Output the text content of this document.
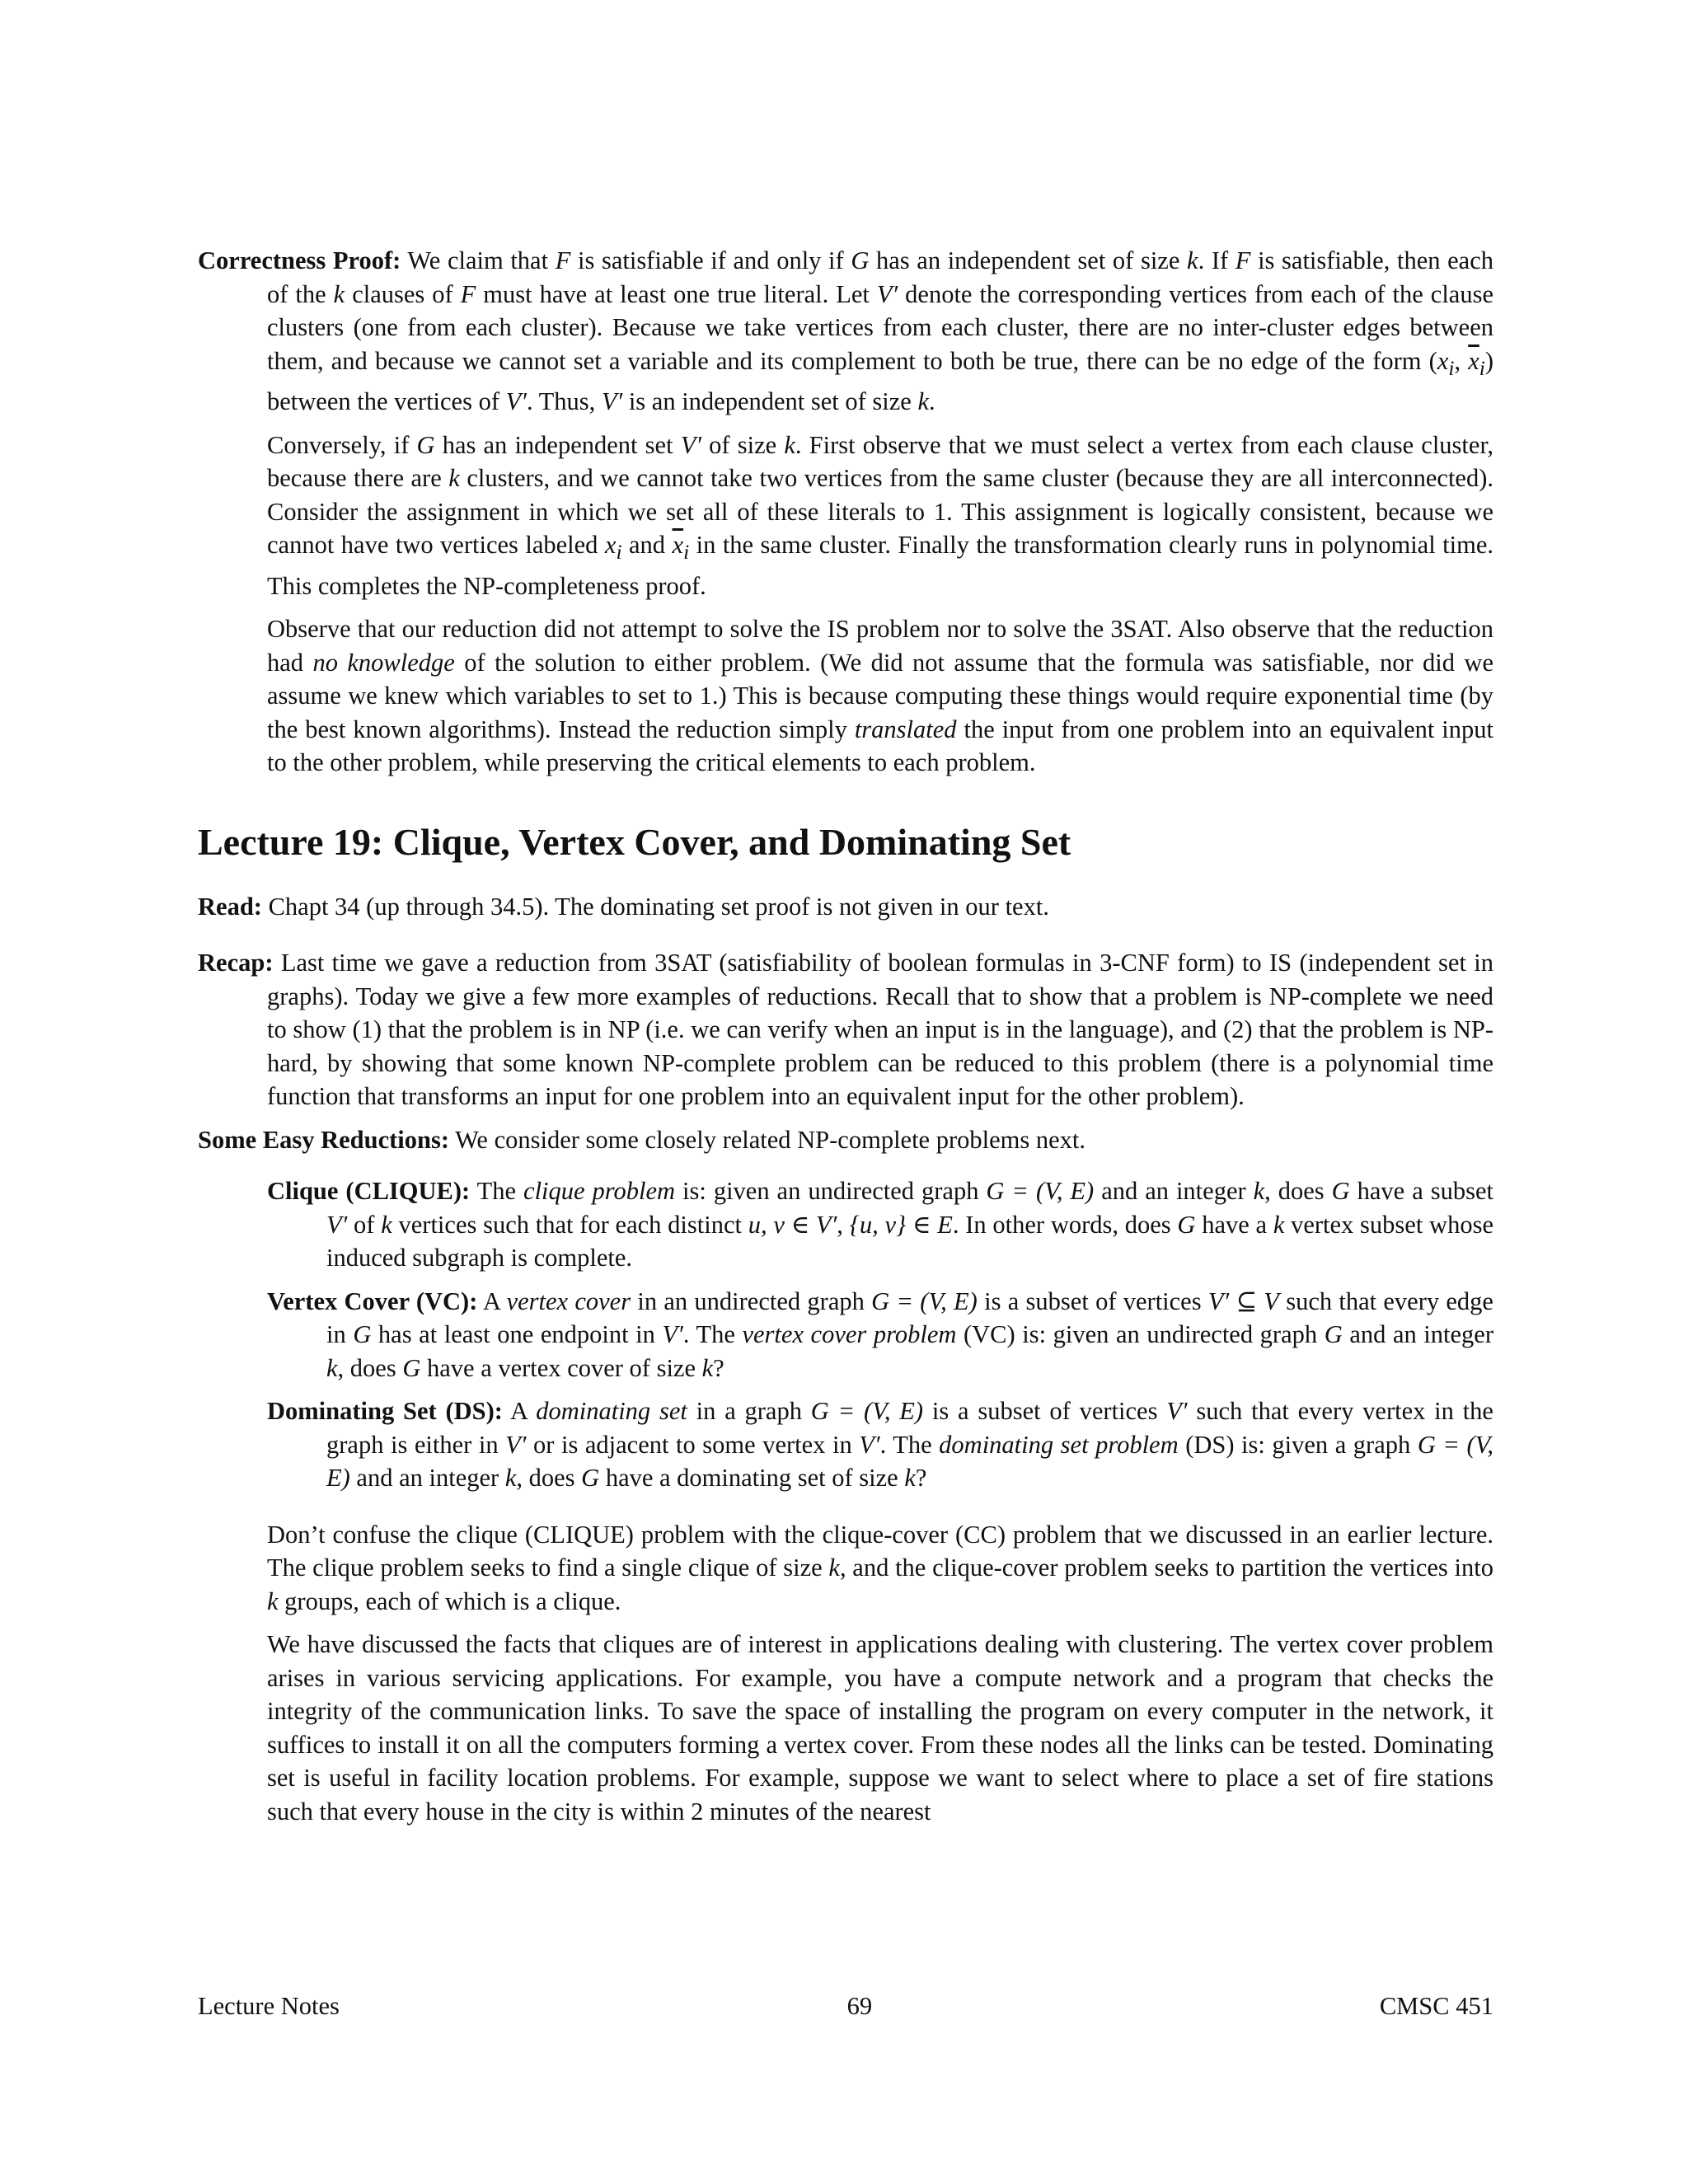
Correctness Proof: We claim that F is satisfiable if and only if G has an independent set of size k. If F is satisfiable, then each of the k clauses of F must have at least one true literal. Let V′ denote the corresponding vertices from each of the clause clusters (one from each cluster). Because we take vertices from each cluster, there are no inter-cluster edges between them, and because we cannot set a variable and its complement to both be true, there can be no edge of the form ($x_i$, $\overline{x}_i$) between the vertices of V′. Thus, V′ is an independent set of size k.

Conversely, if G has an independent set V′ of size k. First observe that we must select a vertex from each clause cluster, because there are k clusters, and we cannot take two vertices from the same cluster (because they are all interconnected). Consider the assignment in which we set all of these literals to 1. This assignment is logically consistent, because we cannot have two vertices labeled $x_i$ and $\overline{x}_i$ in the same cluster. Finally the transformation clearly runs in polynomial time. This completes the NP-completeness proof.

Observe that our reduction did not attempt to solve the IS problem nor to solve the 3SAT. Also observe that the reduction had no knowledge of the solution to either problem. (We did not assume that the formula was satisfiable, nor did we assume we knew which variables to set to 1.) This is because computing these things would require exponential time (by the best known algorithms). Instead the reduction simply translated the input from one problem into an equivalent input to the other problem, while preserving the critical elements to each problem.

Lecture 19: Clique, Vertex Cover, and Dominating Set

Read: Chapt 34 (up through 34.5). The dominating set proof is not given in our text.

Recap: Last time we gave a reduction from 3SAT (satisfiability of boolean formulas in 3-CNF form) to IS (independent set in graphs). Today we give a few more examples of reductions. Recall that to show that a problem is NP-complete we need to show (1) that the problem is in NP (i.e. we can verify when an input is in the language), and (2) that the problem is NP-hard, by showing that some known NP-complete problem can be reduced to this problem (there is a polynomial time function that transforms an input for one problem into an equivalent input for the other problem).

Some Easy Reductions: We consider some closely related NP-complete problems next.

Clique (CLIQUE): The clique problem is: given an undirected graph G = (V, E) and an integer k, does G have a subset V′ of k vertices such that for each distinct u, v ∈ V′, {u, v} ∈ E. In other words, does G have a k vertex subset whose induced subgraph is complete.

Vertex Cover (VC): A vertex cover in an undirected graph G = (V, E) is a subset of vertices V′ ⊆ V such that every edge in G has at least one endpoint in V′. The vertex cover problem (VC) is: given an undirected graph G and an integer k, does G have a vertex cover of size k?

Dominating Set (DS): A dominating set in a graph G = (V, E) is a subset of vertices V′ such that every vertex in the graph is either in V′ or is adjacent to some vertex in V′. The dominating set problem (DS) is: given a graph G = (V, E) and an integer k, does G have a dominating set of size k?

Don’t confuse the clique (CLIQUE) problem with the clique-cover (CC) problem that we discussed in an earlier lecture. The clique problem seeks to find a single clique of size k, and the clique-cover problem seeks to partition the vertices into k groups, each of which is a clique.

We have discussed the facts that cliques are of interest in applications dealing with clustering. The vertex cover problem arises in various servicing applications. For example, you have a compute network and a program that checks the integrity of the communication links. To save the space of installing the program on every computer in the network, it suffices to install it on all the computers forming a vertex cover. From these nodes all the links can be tested. Dominating set is useful in facility location problems. For example, suppose we want to select where to place a set of fire stations such that every house in the city is within 2 minutes of the nearest

Lecture Notes	69	CMSC 451
